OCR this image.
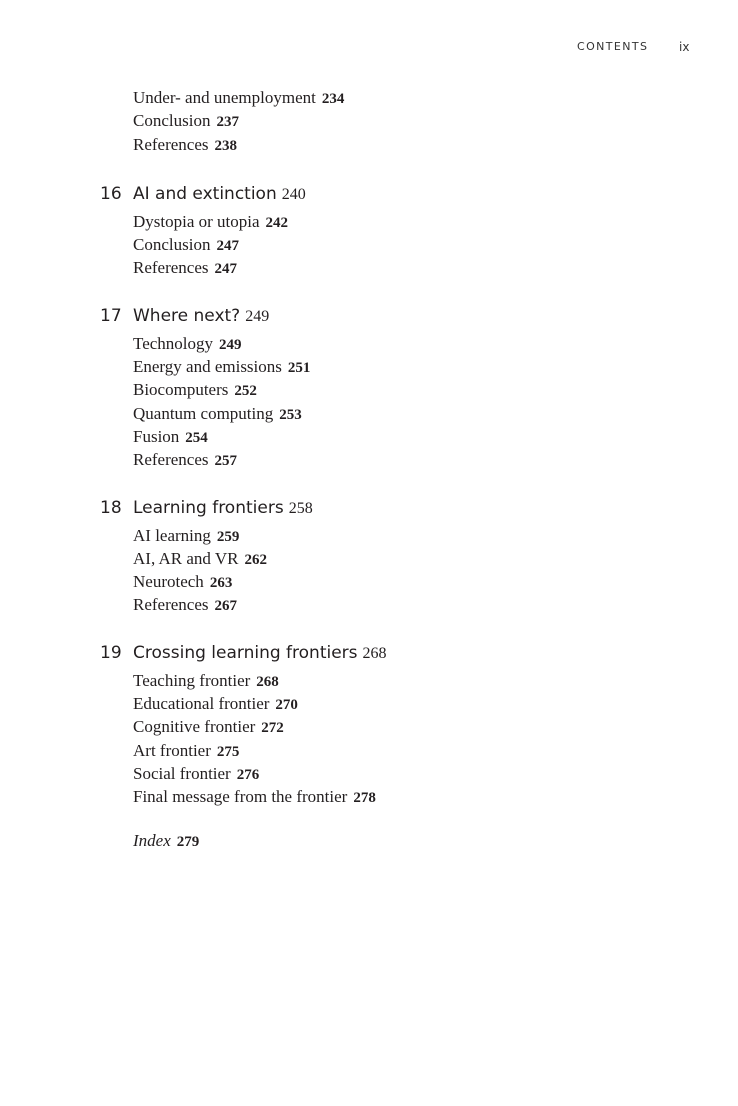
CONTENTS	ix
Under- and unemployment 234
Conclusion 237
References 238
16 AI and extinction 240
Dystopia or utopia 242
Conclusion 247
References 247
17 Where next? 249
Technology 249
Energy and emissions 251
Biocomputers 252
Quantum computing 253
Fusion 254
References 257
18 Learning frontiers 258
AI learning 259
AI, AR and VR 262
Neurotech 263
References 267
19 Crossing learning frontiers 268
Teaching frontier 268
Educational frontier 270
Cognitive frontier 272
Art frontier 275
Social frontier 276
Final message from the frontier 278
Index 279
